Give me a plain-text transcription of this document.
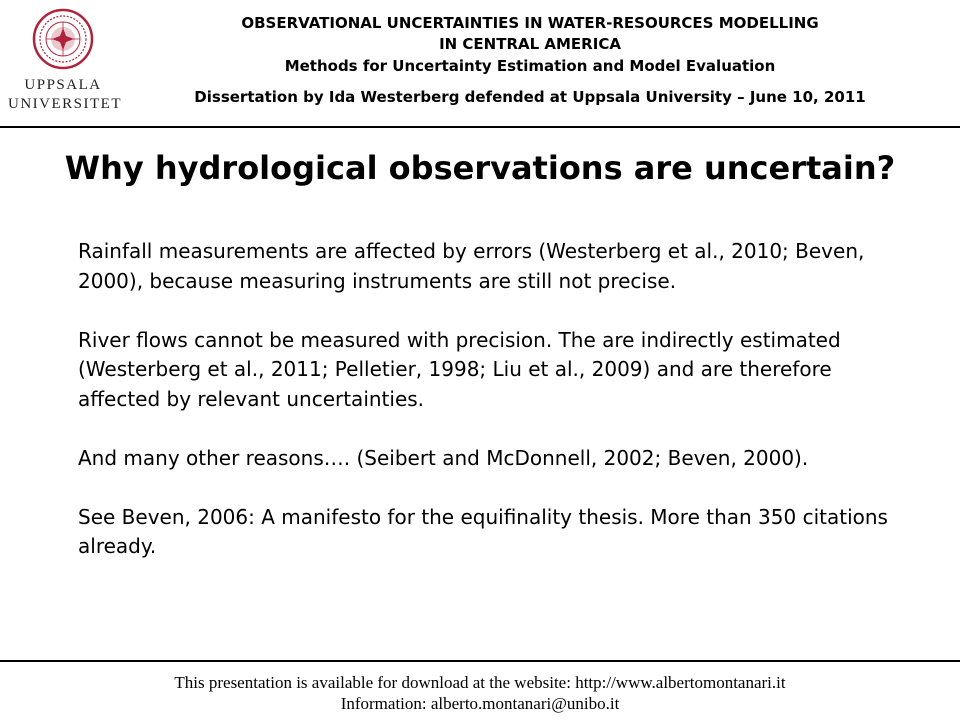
UPPSALA
UNIVERSITET
OBSERVATIONAL UNCERTAINTIES IN WATER-RESOURCES MODELLING
IN CENTRAL AMERICA
Methods for Uncertainty Estimation and Model Evaluation
Dissertation by Ida Westerberg defended at Uppsala University – June 10, 2011
Why hydrological observations are uncertain?

Rainfall measurements are affected by errors (Westerberg et al., 2010; Beven, 2000), because measuring instruments are still not precise.

River flows cannot be measured with precision. The are indirectly estimated (Westerberg et al., 2011; Pelletier, 1998; Liu et al., 2009) and are therefore affected by relevant uncertainties.

And many other reasons…. (Seibert and McDonnell, 2002; Beven, 2000).

See Beven, 2006: A manifesto for the equifinality thesis. More than 350 citations already.

This presentation is available for download at the website: http://www.albertomontanari.it
Information: alberto.montanari@unibo.it
